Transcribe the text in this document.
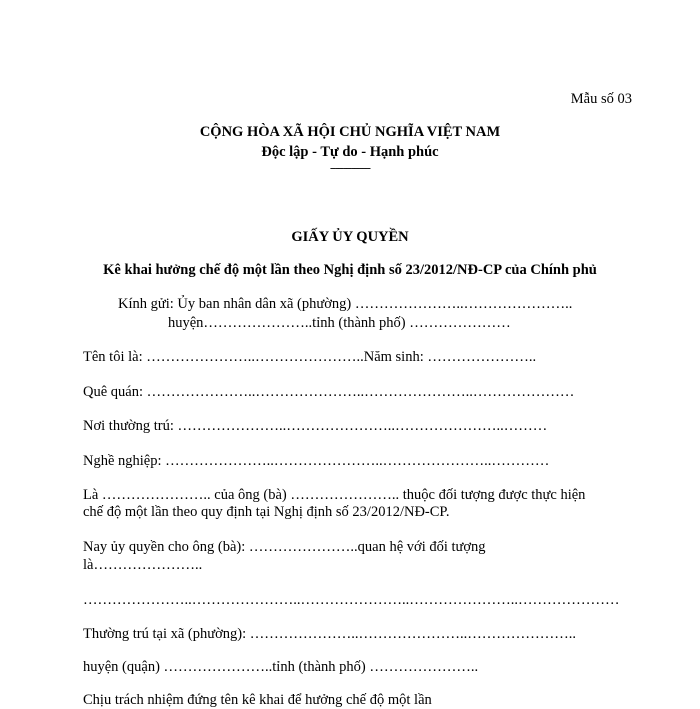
Mẫu số 03
CỘNG HÒA XÃ HỘI CHỦ NGHĨA VIỆT NAM
Độc lập - Tự do - Hạnh phúc
---------------
GIẤY ỦY QUYỀN
Kê khai hưởng chế độ một lần theo Nghị định số 23/2012/NĐ-CP của Chính phủ
Kính gửi: Ủy ban nhân dân xã (phường) …………………..…………………..
huyện…………………..tỉnh (thành phố) …………………
Tên tôi là: …………………..…………………..Năm sinh: …………………..
Quê quán: …………………..…………………..…………………..…………………
Nơi thường trú: …………………..…………………..…………………..………
Nghề nghiệp: …………………..…………………..…………………..…………
Là ………………….. của ông (bà) ………………….. thuộc đối tượng được thực hiện
chế độ một lần theo quy định tại Nghị định số 23/2012/NĐ-CP.
Nay ủy quyền cho ông (bà): …………………..quan hệ với đối tượng
là…………………..
…………………..…………………..…………………..…………………..…………………
Thường trú tại xã (phường): …………………..…………………..…………………..
huyện (quận) …………………..tỉnh (thành phố) …………………..
Chịu trách nhiệm đứng tên kê khai để hưởng chế độ một lần
